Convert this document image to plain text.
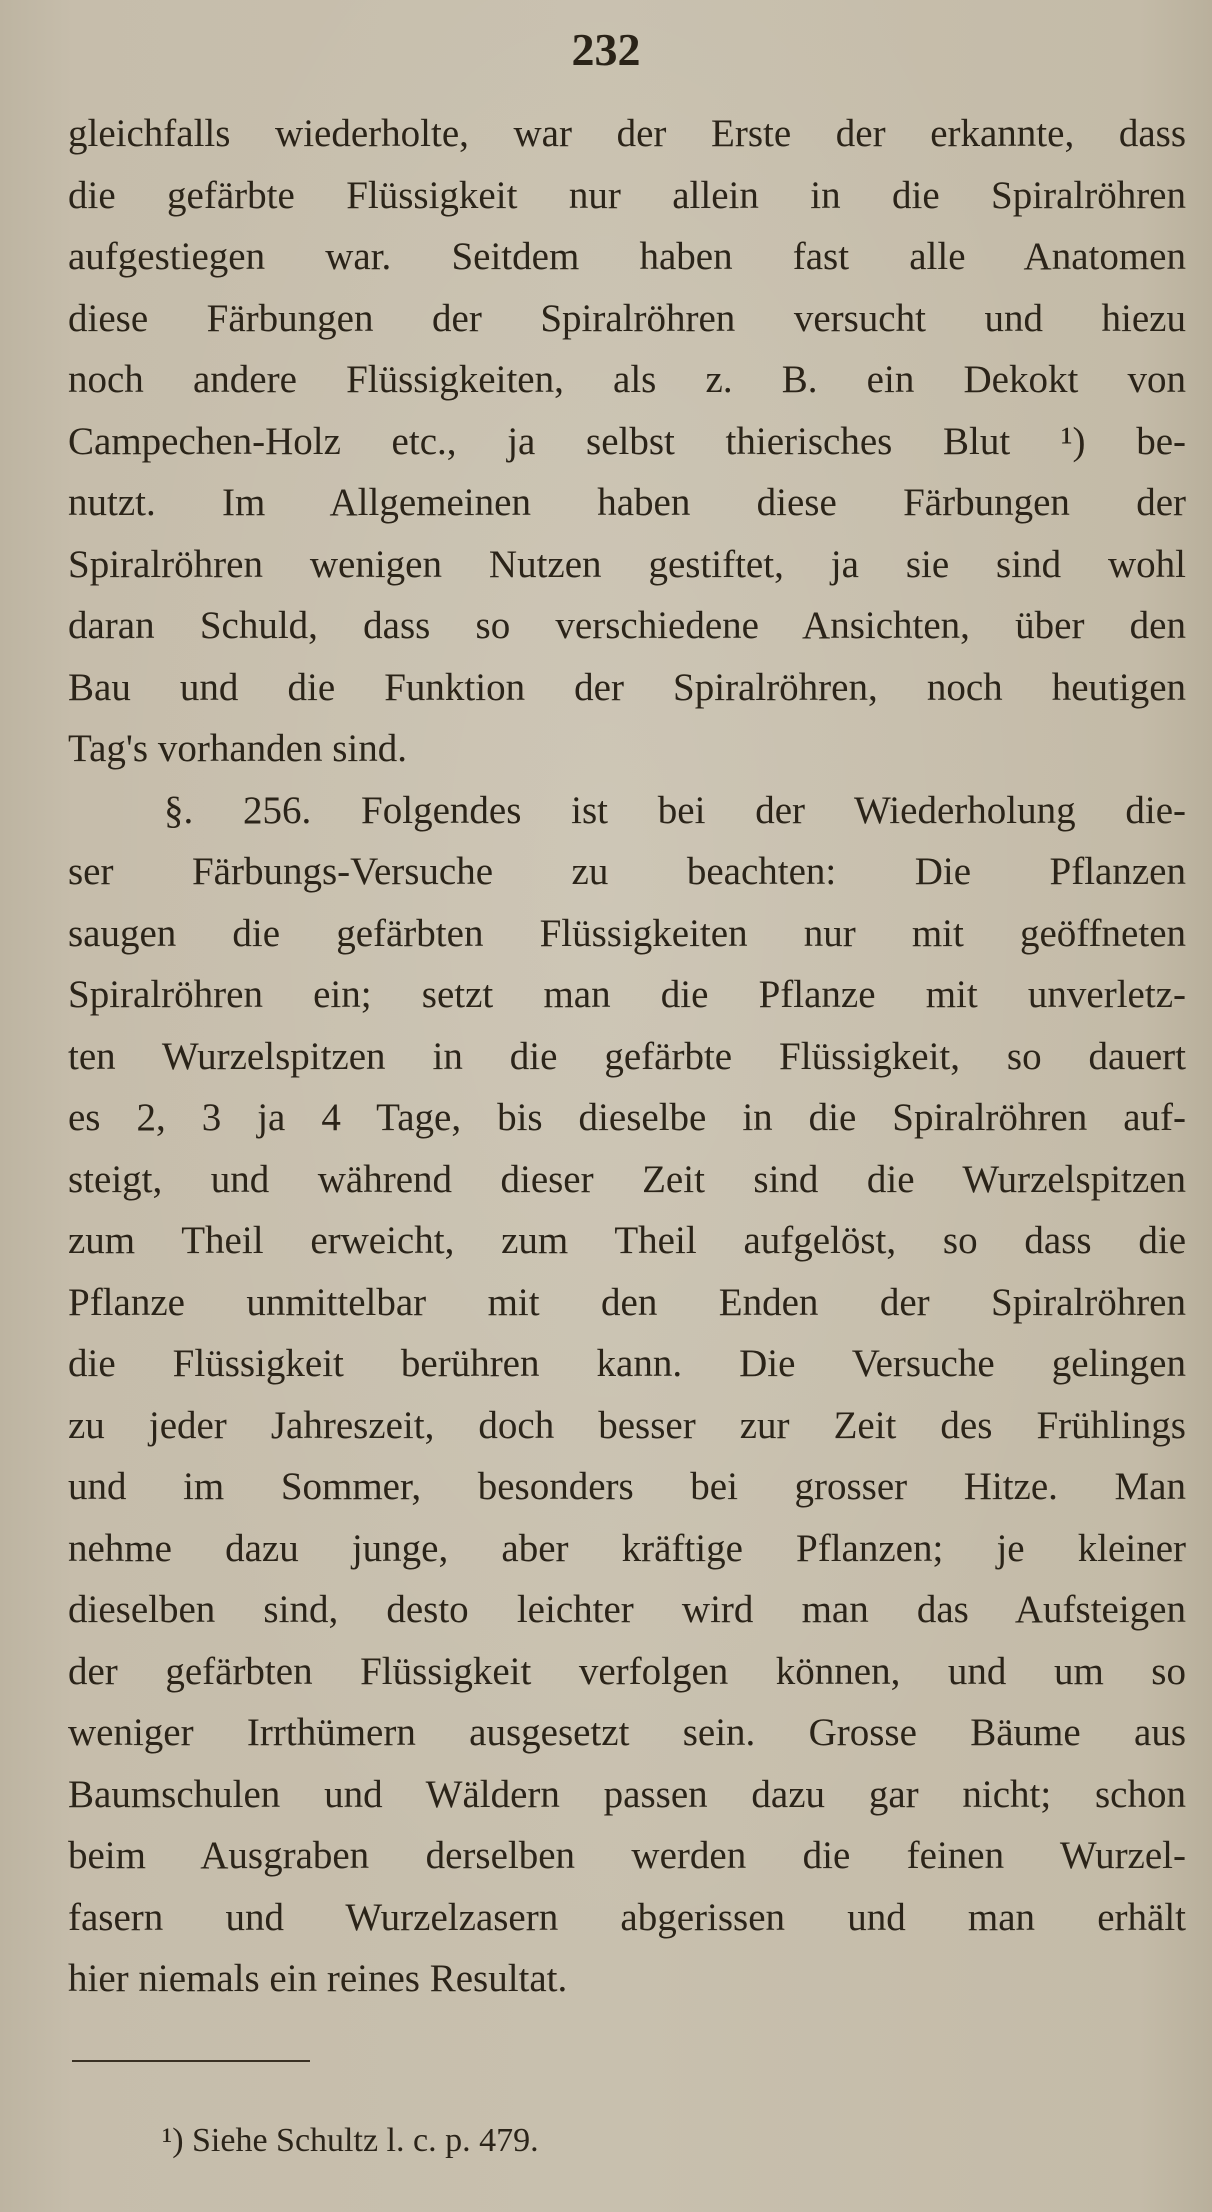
232
gleichfalls wiederholte, war der Erste der erkannte, dass
die gefärbte Flüssigkeit nur allein in die Spiralröhren
aufgestiegen war. Seitdem haben fast alle Anatomen
diese Färbungen der Spiralröhren versucht und hiezu
noch andere Flüssigkeiten, als z. B. ein Dekokt von
Campechen-Holz etc., ja selbst thierisches Blut ¹) be-
nutzt. Im Allgemeinen haben diese Färbungen der
Spiralröhren wenigen Nutzen gestiftet, ja sie sind wohl
daran Schuld, dass so verschiedene Ansichten, über den
Bau und die Funktion der Spiralröhren, noch heutigen
Tag's vorhanden sind.
§. 256. Folgendes ist bei der Wiederholung die-
ser Färbungs-Versuche zu beachten: Die Pflanzen
saugen die gefärbten Flüssigkeiten nur mit geöffneten
Spiralröhren ein; setzt man die Pflanze mit unverletz-
ten Wurzelspitzen in die gefärbte Flüssigkeit, so dauert
es 2, 3 ja 4 Tage, bis dieselbe in die Spiralröhren auf-
steigt, und während dieser Zeit sind die Wurzelspitzen
zum Theil erweicht, zum Theil aufgelöst, so dass die
Pflanze unmittelbar mit den Enden der Spiralröhren
die Flüssigkeit berühren kann. Die Versuche gelingen
zu jeder Jahreszeit, doch besser zur Zeit des Frühlings
und im Sommer, besonders bei grosser Hitze. Man
nehme dazu junge, aber kräftige Pflanzen; je kleiner
dieselben sind, desto leichter wird man das Aufsteigen
der gefärbten Flüssigkeit verfolgen können, und um so
weniger Irrthümern ausgesetzt sein. Grosse Bäume aus
Baumschulen und Wäldern passen dazu gar nicht; schon
beim Ausgraben derselben werden die feinen Wurzel-
fasern und Wurzelzasern abgerissen und man erhält
hier niemals ein reines Resultat.
¹) Siehe Schultz l. c. p. 479.
